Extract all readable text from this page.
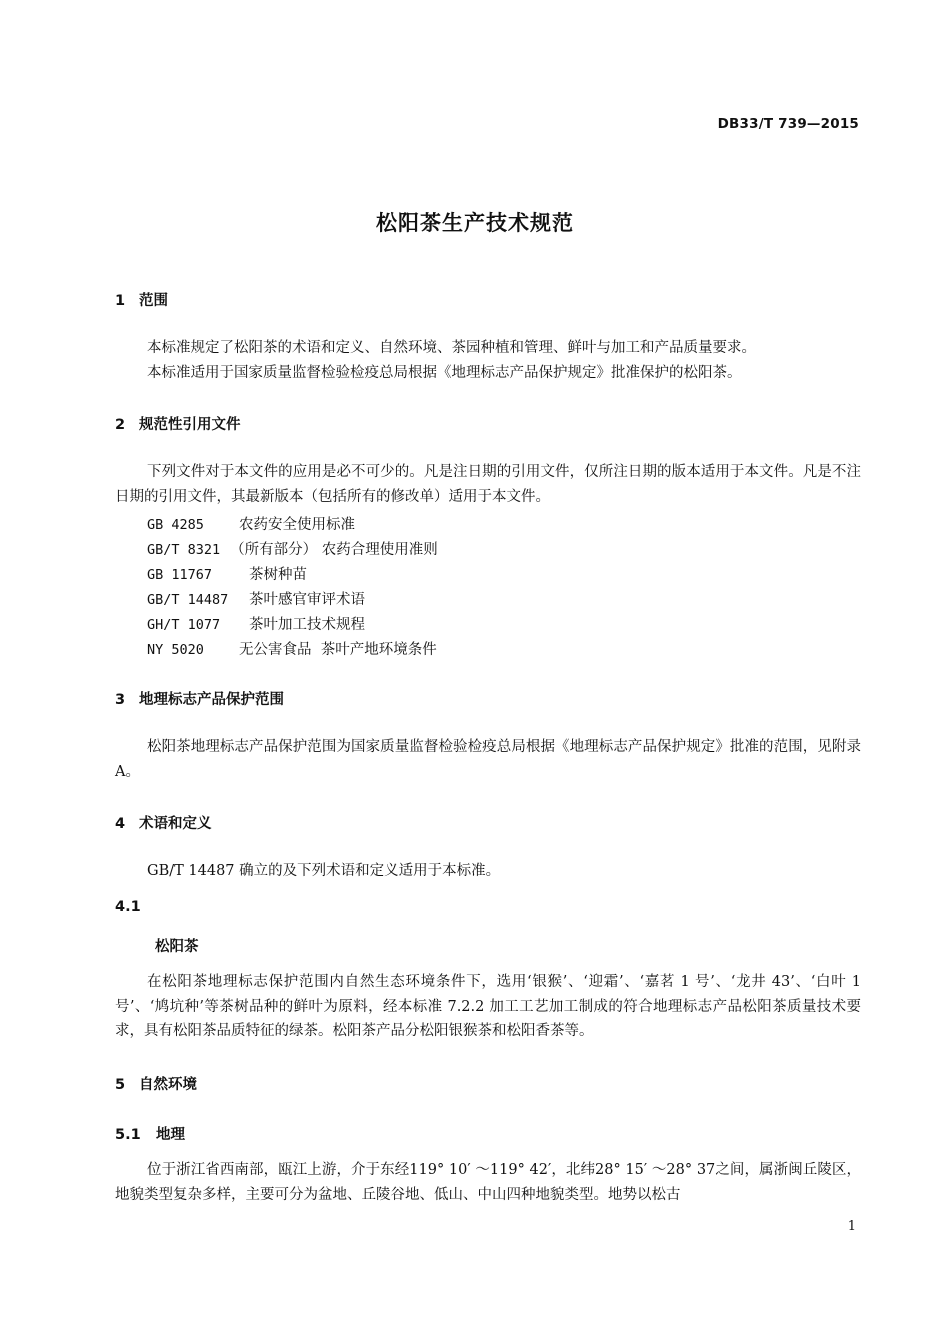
DB33/T 739—2015
松阳茶生产技术规范
1 范围
本标准规定了松阳茶的术语和定义、自然环境、茶园种植和管理、鲜叶与加工和产品质量要求。
本标准适用于国家质量监督检验检疫总局根据《地理标志产品保护规定》批准保护的松阳茶。
2 规范性引用文件
下列文件对于本文件的应用是必不可少的。凡是注日期的引用文件，仅所注日期的版本适用于本文件。凡是不注日期的引用文件，其最新版本（包括所有的修改单）适用于本文件。
GB 4285 农药安全使用标准
GB/T 8321 （所有部分） 农药合理使用准则
GB 11767	茶树种苗
GB/T 14487 茶叶感官审评术语
GH/T 1077 茶叶加工技术规程
NY 5020 无公害食品  茶叶产地环境条件
3 地理标志产品保护范围
松阳茶地理标志产品保护范围为国家质量监督检验检疫总局根据《地理标志产品保护规定》批准的范围，见附录A。
4 术语和定义
GB/T 14487 确立的及下列术语和定义适用于本标准。
4.1
松阳茶
在松阳茶地理标志保护范围内自然生态环境条件下，选用‘银猴’、‘迎霜’、‘嘉茗 1 号’、‘龙井 43’、‘白叶 1 号’、‘鸠坑种’等茶树品种的鲜叶为原料，经本标准 7.2.2 加工工艺加工制成的符合地理标志产品松阳茶质量技术要求，具有松阳茶品质特征的绿茶。松阳茶产品分松阳银猴茶和松阳香茶等。
5 自然环境
5.1 地理
位于浙江省西南部，瓯江上游，介于东经119° 10′ ～119° 42′，北纬28° 15′ ～28° 37之间，属浙闽丘陵区，地貌类型复杂多样，主要可分为盆地、丘陵谷地、低山、中山四种地貌类型。地势以松古
1
